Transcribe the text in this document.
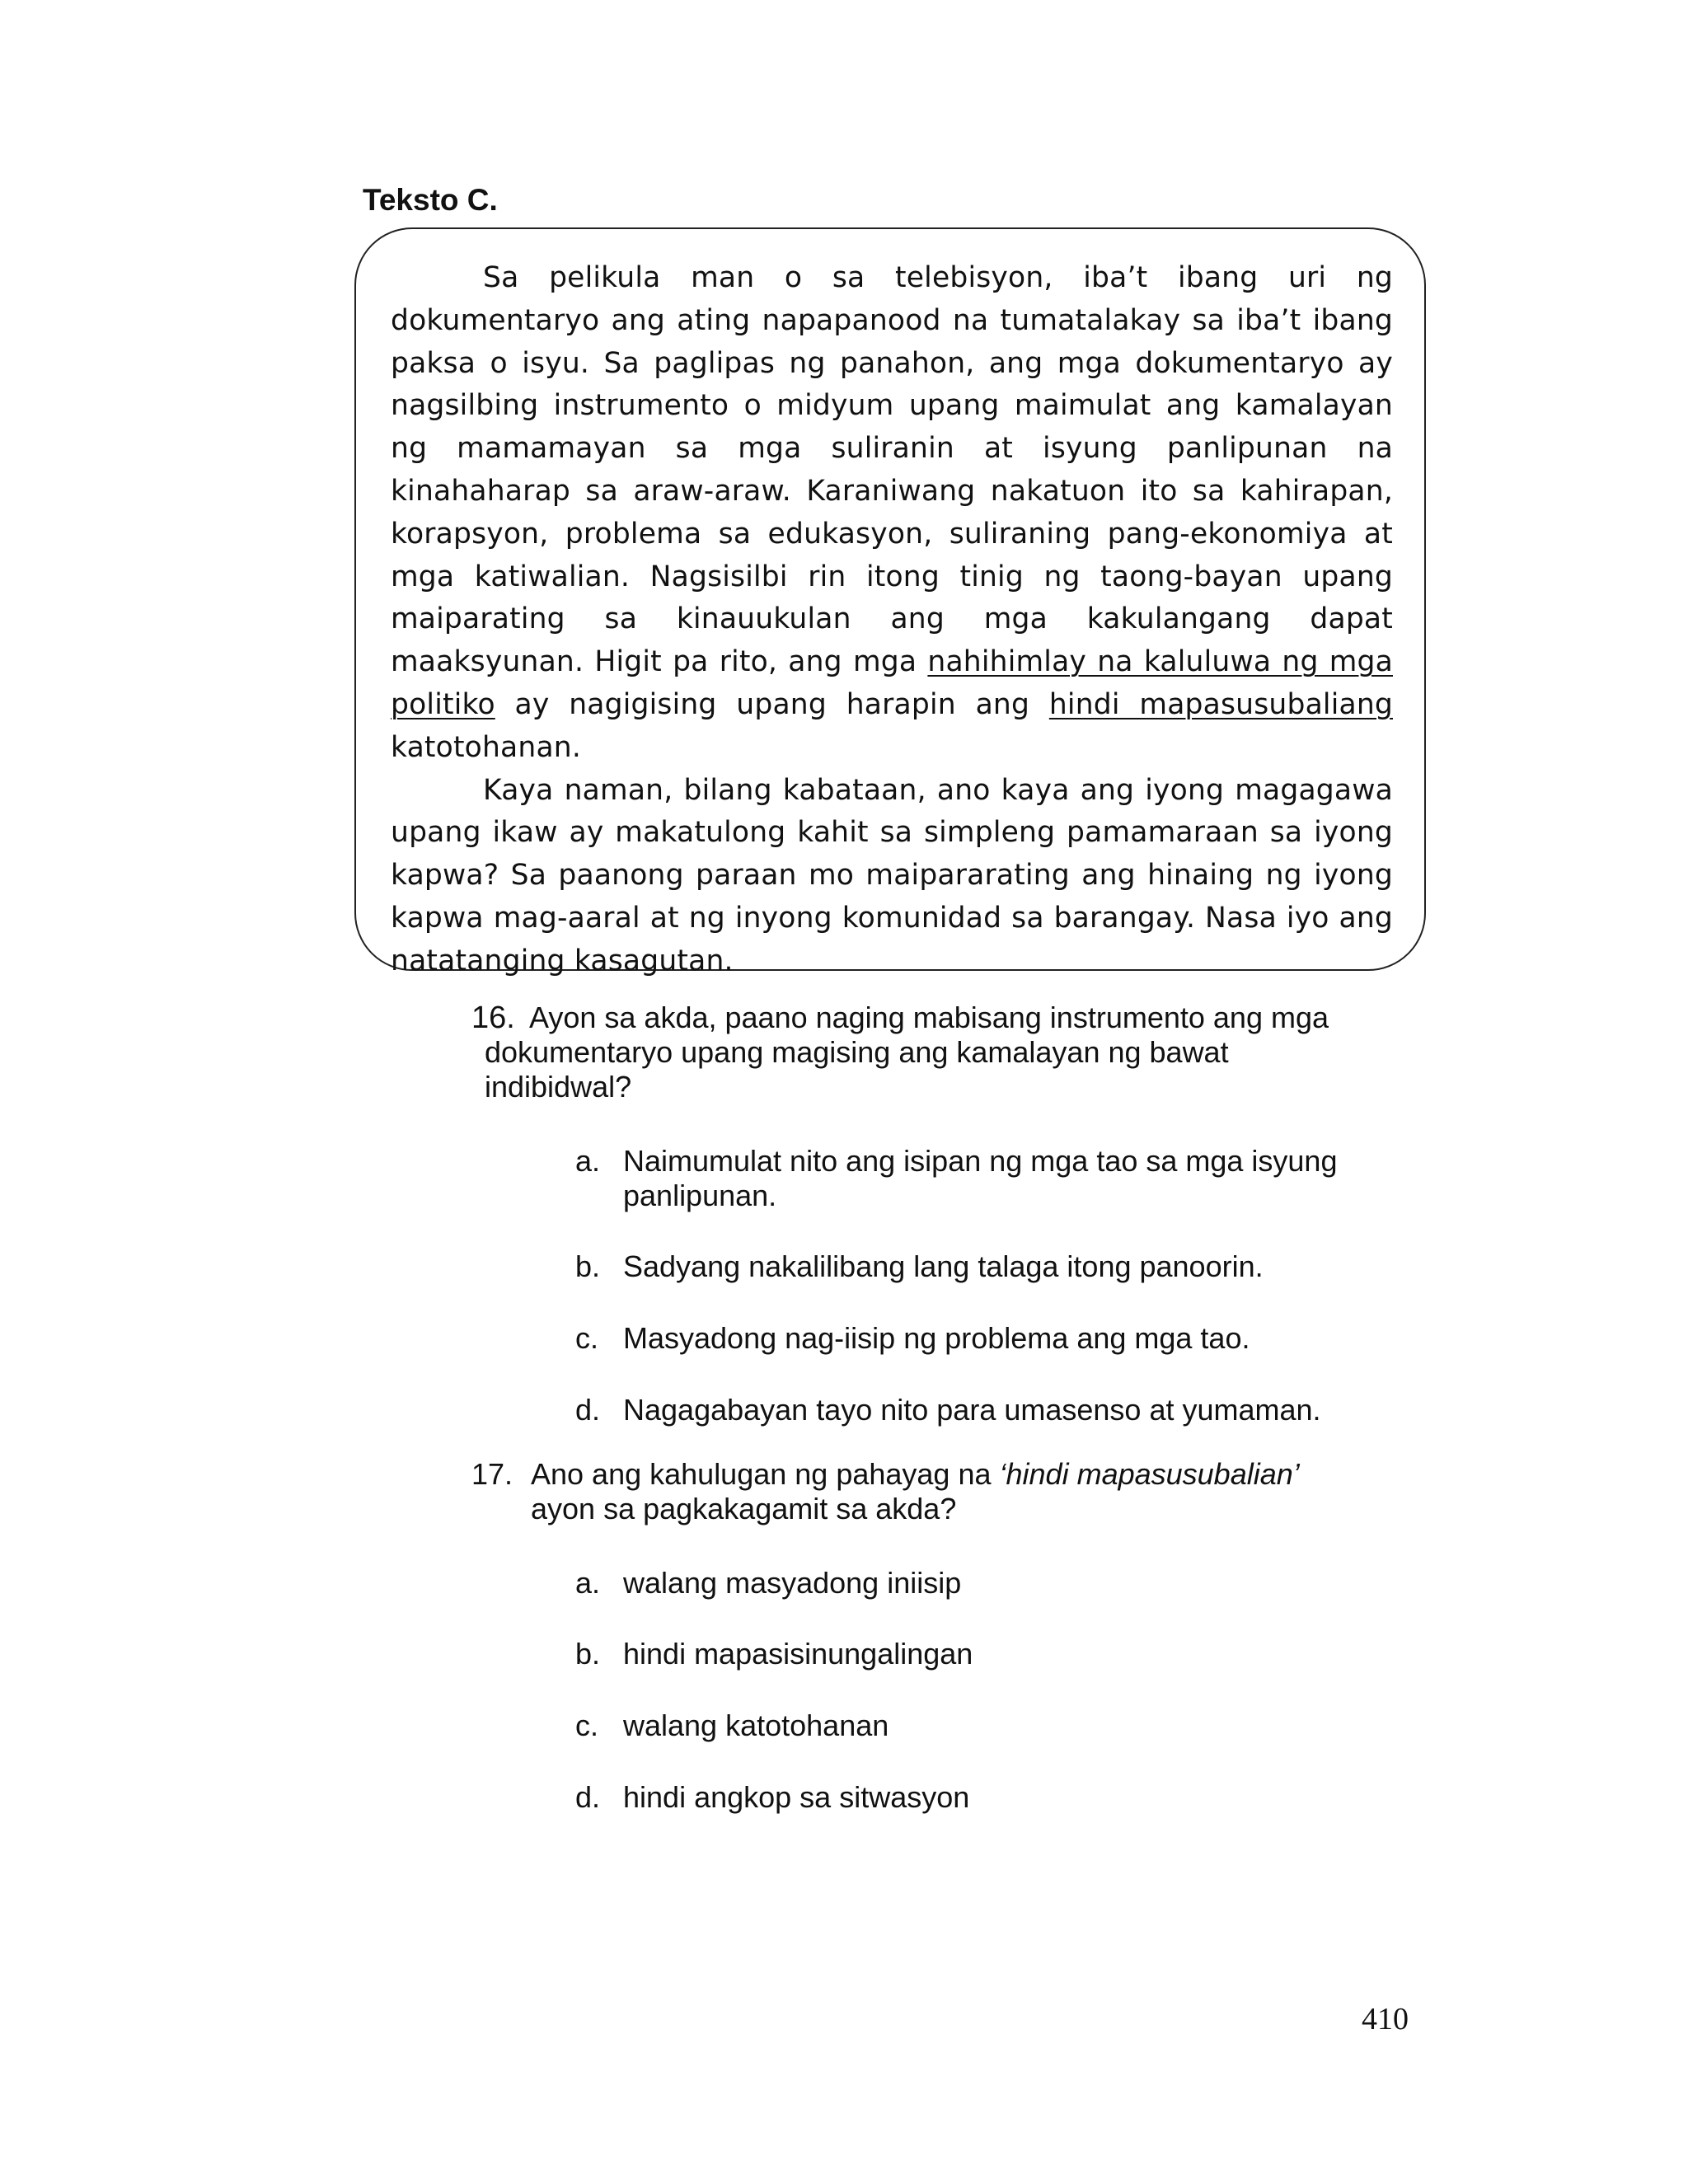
Teksto C.

Sa pelikula man o sa telebisyon, iba’t ibang uri ng dokumentaryo ang ating napapanood na tumatalakay sa iba’t ibang paksa o isyu. Sa paglipas ng panahon, ang mga dokumentaryo ay nagsilbing instrumento o midyum upang maimulat ang kamalayan ng mamamayan sa mga suliranin at isyung panlipunan na kinahaharap sa araw-araw. Karaniwang nakatuon ito sa kahirapan, korapsyon, problema sa edukasyon, suliraning pang-ekonomiya at mga katiwalian. Nagsisilbi rin itong tinig ng taong-bayan upang maiparating sa kinauukulan ang mga kakulangang dapat maaksyunan. Higit pa rito, ang mga nahihimlay na kaluluwa ng mga politiko ay nagigising upang harapin ang hindi mapasusubaliang katotohanan.

Kaya naman, bilang kabataan, ano kaya ang iyong magagawa upang ikaw ay makatulong kahit sa simpleng pamamaraan sa iyong kapwa? Sa paanong paraan mo maipararating ang hinaing ng iyong kapwa mag-aaral at ng inyong komunidad sa barangay. Nasa iyo ang natatanging kasagutan.

16. Ayon sa akda, paano naging mabisang instrumento ang mga
dokumentaryo upang magising ang kamalayan ng bawat
indibidwal?
a. Naimumulat nito ang isipan ng mga tao sa mga isyung
panlipunan.
b. Sadyang nakalilibang lang talaga itong panoorin.
c. Masyadong nag-iisip ng problema ang mga tao.
d. Nagagabayan tayo nito para umasenso at yumaman.
17. Ano ang kahulugan ng pahayag na ‘hindi mapasusubalian’
ayon sa pagkakagamit sa akda?
a. walang masyadong iniisip
b. hindi mapasisinungalingan
c. walang katotohanan
d. hindi angkop sa sitwasyon
410
